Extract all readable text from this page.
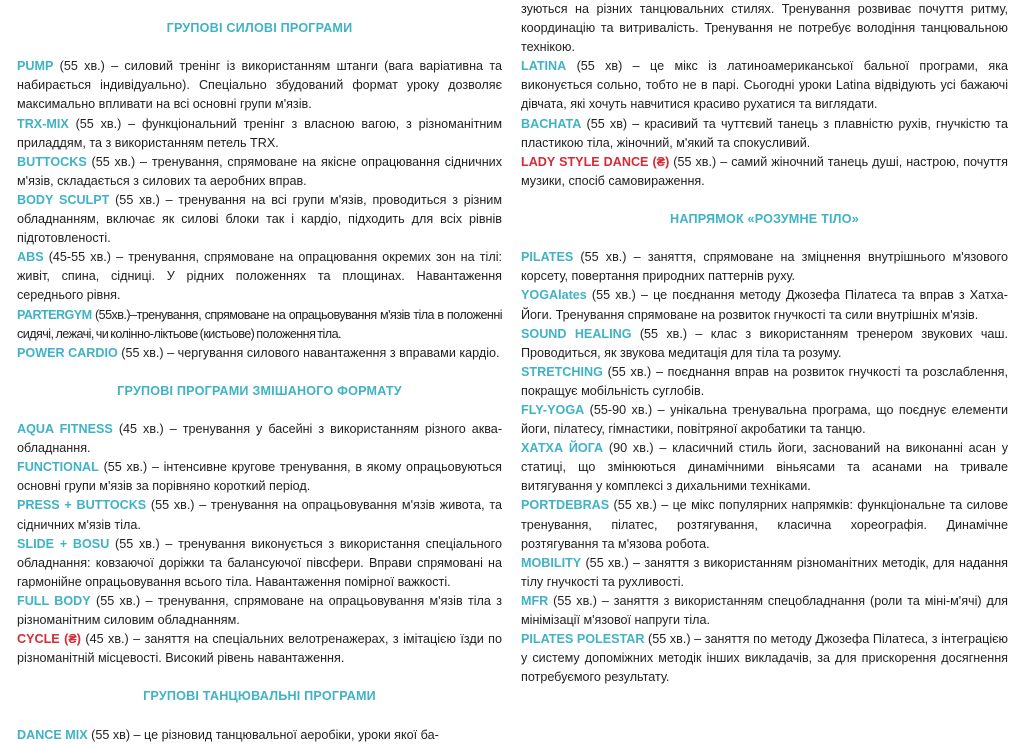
ГРУПОВІ СИЛОВІ ПРОГРАМИ
PUMP (55 хв.) – силовий тренінг із використанням штанги (вага варіативна та набирається індивідуально). Спеціально збудований формат уроку дозволяє максимально впливати на всі основні групи м'язів.
TRX-MIX (55 хв.) – функціональний тренінг з власною вагою, з різноманітним приладдям, та з використанням петель TRX.
BUTTOCKS (55 хв.) – тренування, спрямоване на якісне опрацювання сідничних м'язів, складається з силових та аеробних вправ.
BODY SCULPT (55 хв.) – тренування на всі групи м'язів, проводиться з різним обладнанням, включає як силові блоки так і кардіо, підходить для всіх рівнів підготовленості.
ABS (45-55 хв.) – тренування, спрямоване на опрацювання окремих зон на тілі: живіт, спина, сідниці. У рідних положеннях та площинах. Навантаження середнього рівня.
PARTERGYM (55хв.)–тренування, спрямоване на опрацьовування м'язів тіла в положенні сидячі, лежачі, чи колінно-ліктьове (кистьове) положення тіла.
POWER CARDIO (55 хв.) – чергування силового навантаження з вправами кардіо.
ГРУПОВІ ПРОГРАМИ ЗМІШАНОГО ФОРМАТУ
AQUA FITNESS (45 хв.) – тренування у басейні з використанням різного аква-обладнання.
FUNCTIONAL (55 хв.) – інтенсивне кругове тренування, в якому опрацьовуються основні групи м'язів за порівняно короткий період.
PRESS + BUTTOCKS (55 хв.) – тренування на опрацьовування м'язів живота, та сідничних м'язів тіла.
SLIDE + BOSU (55 хв.) – тренування виконується з використання спеціального обладнання: ковзаючої доріжки та балансуючої півсфери. Вправи спрямовані на гармонійне опрацьовування всього тіла. Навантаження помірної важкості.
FULL BODY (55 хв.) – тренування, спрямоване на опрацьовування м'язів тіла з різноманітним силовим обладнанням.
CYCLE (₴) (45 хв.) – заняття на спеціальних велотренажерах, з імітацією їзди по різноманітній місцевості. Високий рівень навантаження.
ГРУПОВІ ТАНЦЮВАЛЬНІ ПРОГРАМИ
DANCE MIX (55 хв) – це різновид танцювальної аеробіки, уроки якої ба-
зуються на різних танцювальних стилях. Тренування розвиває почуття ритму, координацію та витривалість. Тренування не потребує володіння танцювальною технікою.
LATINA (55 хв) – це мікс із латиноамериканської бальної програми, яка виконується сольно, тобто не в парі. Сьогодні уроки Latina відвідують усі бажаючі дівчата, які хочуть навчитися красиво рухатися та виглядати.
BACHATA (55 хв) – красивий та чуттєвий танець з плавністю рухів, гнучкістю та пластикою тіла, жіночний, м'який та спокусливий.
LADY STYLE DANCE (₴) (55 хв.) – самий жіночний танець душі, настрою, почуття музики, спосіб самовираження.
НАПРЯМОК «РОЗУМНЕ ТІЛО»
PILATES (55 хв.) – заняття, спрямоване на зміцнення внутрішнього м'язового корсету, повертання природних паттернів руху.
YOGAlates (55 хв.) – це поєднання методу Джозефа Пілатеса та вправ з Хатха-Йоги. Тренування спрямоване на розвиток гнучкості та сили внутрішніх м'язів.
SOUND HEALING (55 хв.) – клас з використанням тренером звукових чаш. Проводиться, як звукова медитація для тіла та розуму.
STRETCHING (55 хв.) – поєднання вправ на розвиток гнучкості та розслаблення, покращує мобільність суглобів.
FLY-YOGA (55-90 хв.) – унікальна тренувальна програма, що поєднує елементи йоги, пілатесу, гімнастики, повітряної акробатики та танцю.
ХАТХА ЙОГА (90 хв.) – класичний стиль йоги, заснований на виконанні асан у статиці, що змінюються динамічними віньясами та асанами на тривале витягування у комплексі з дихальними техніками.
PORTDEBRAS (55 хв.) – це мікс популярних напрямків: функціональне та силове тренування, пілатес, розтягування, класична хореографія. Динамічне розтягування та м'язова робота.
MOBILITY (55 хв.) – заняття з використанням різноманітних методік, для надання тілу гнучкості та рухливості.
MFR (55 хв.) – заняття з використанням спецобладнання (роли та міні-м'ячі) для мінімізації м'язової напруги тіла.
PILATES POLESTAR (55 хв.) – заняття по методу Джозефа Пілатеса, з інтеграцією у систему допоміжних методік інших викладачів, за для прискорення досягнення потребуємого результату.
